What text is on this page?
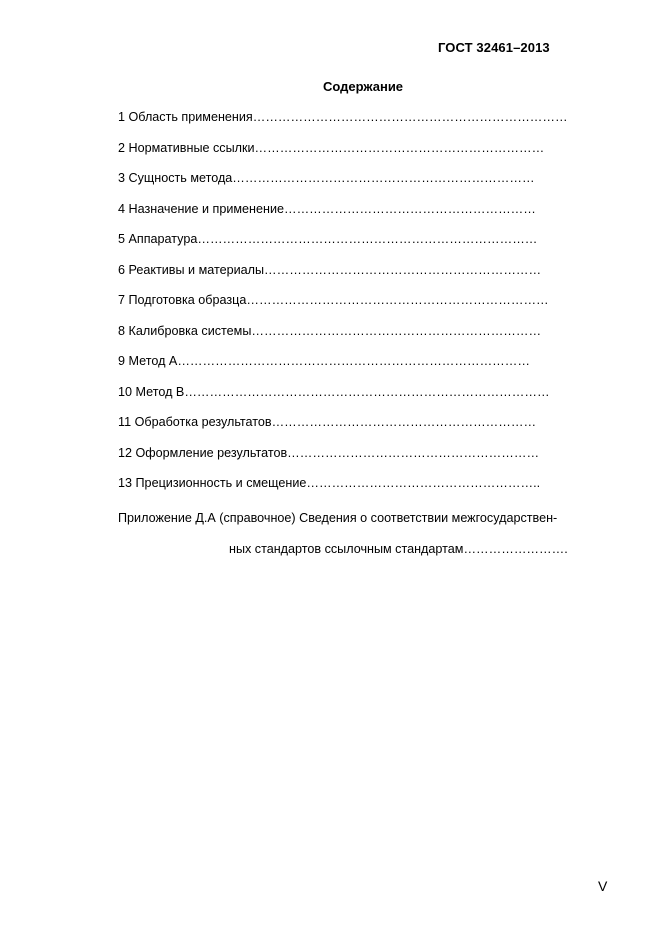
ГОСТ 32461–2013
Содержание
1 Область применения…………………………………………………………………
2 Нормативные ссылки……………………………………………………………
3 Сущность метода………………………………………………………………
4 Назначение и применение……………………………………………………
5 Аппаратура………………………………………………………………………
6 Реактивы и материалы…………………………………………………………
7 Подготовка образца………………………………………………………………
8 Калибровка системы……………………………………………………………
9 Метод А…………………………………………………………………………
10 Метод В……………………………………………………………………………
11 Обработка результатов………………………………………………………
12 Оформление результатов……………………………………………………
13 Прецизионность и смещение………………………………………………..
Приложение Д.А (справочное) Сведения о соответствии межгосударствен-
ных стандартов ссылочным стандартам…………………….
V
